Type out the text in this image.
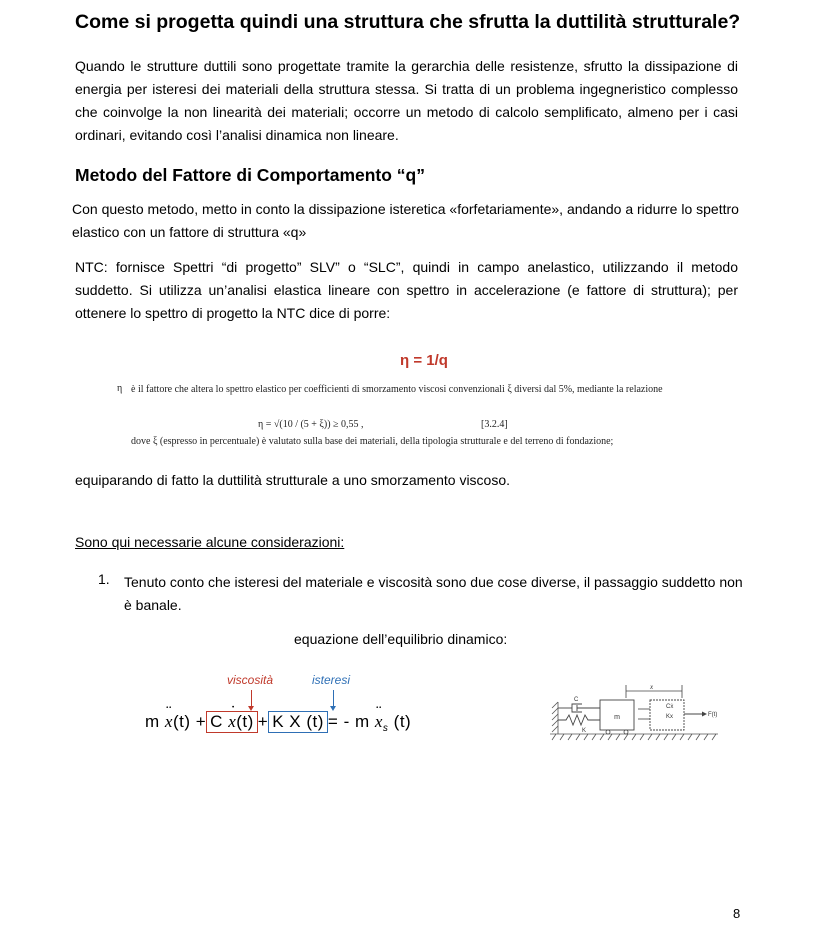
Come si progetta quindi una struttura che sfrutta la duttilità strutturale?
Quando le strutture duttili sono progettate tramite la gerarchia delle resistenze, sfrutto la dissipazione di energia per isteresi dei materiali della struttura stessa. Si tratta di un problema ingegneristico complesso che coinvolge la non linearità dei materiali; occorre un metodo di calcolo semplificato, almeno per i casi ordinari, evitando così l’analisi dinamica non lineare.
Metodo del Fattore di Comportamento “q”
Con questo metodo, metto in conto la dissipazione isteretica «forfetariamente», andando a ridurre lo spettro elastico con un fattore di struttura «q»
NTC: fornisce Spettri “di progetto” SLV” o “SLC”, quindi in campo anelastico, utilizzando il metodo suddetto. Si utilizza un’analisi elastica lineare con spettro in accelerazione (e fattore di struttura); per ottenere lo spettro di progetto la NTC dice di porre:
η = 1/q
η è il fattore che altera lo spettro elastico per coefficienti di smorzamento viscosi convenzionali ξ diversi dal 5%, mediante la relazione
η = √(10 / (5 + ξ)) ≥ 0,55 ,	[3.2.4]
dove ξ (espresso in percentuale) è valutato sulla base dei materiali, della tipologia strutturale e del terreno di fondazione;
equiparando di fatto la duttilità strutturale a uno smorzamento viscoso.
Sono qui necessarie alcune considerazioni:
1. Tenuto conto che isteresi del materiale e viscosità sono due cose diverse, il passaggio suddetto non è banale.
equazione dell’equilibrio dinamico:
viscosità	isteresi
m ¨ x(t) + C ˙ x(t) + K X (t) = - m ¨ xs (t)	m
K
C
x
Cẋ
Kx	F(t)
8
